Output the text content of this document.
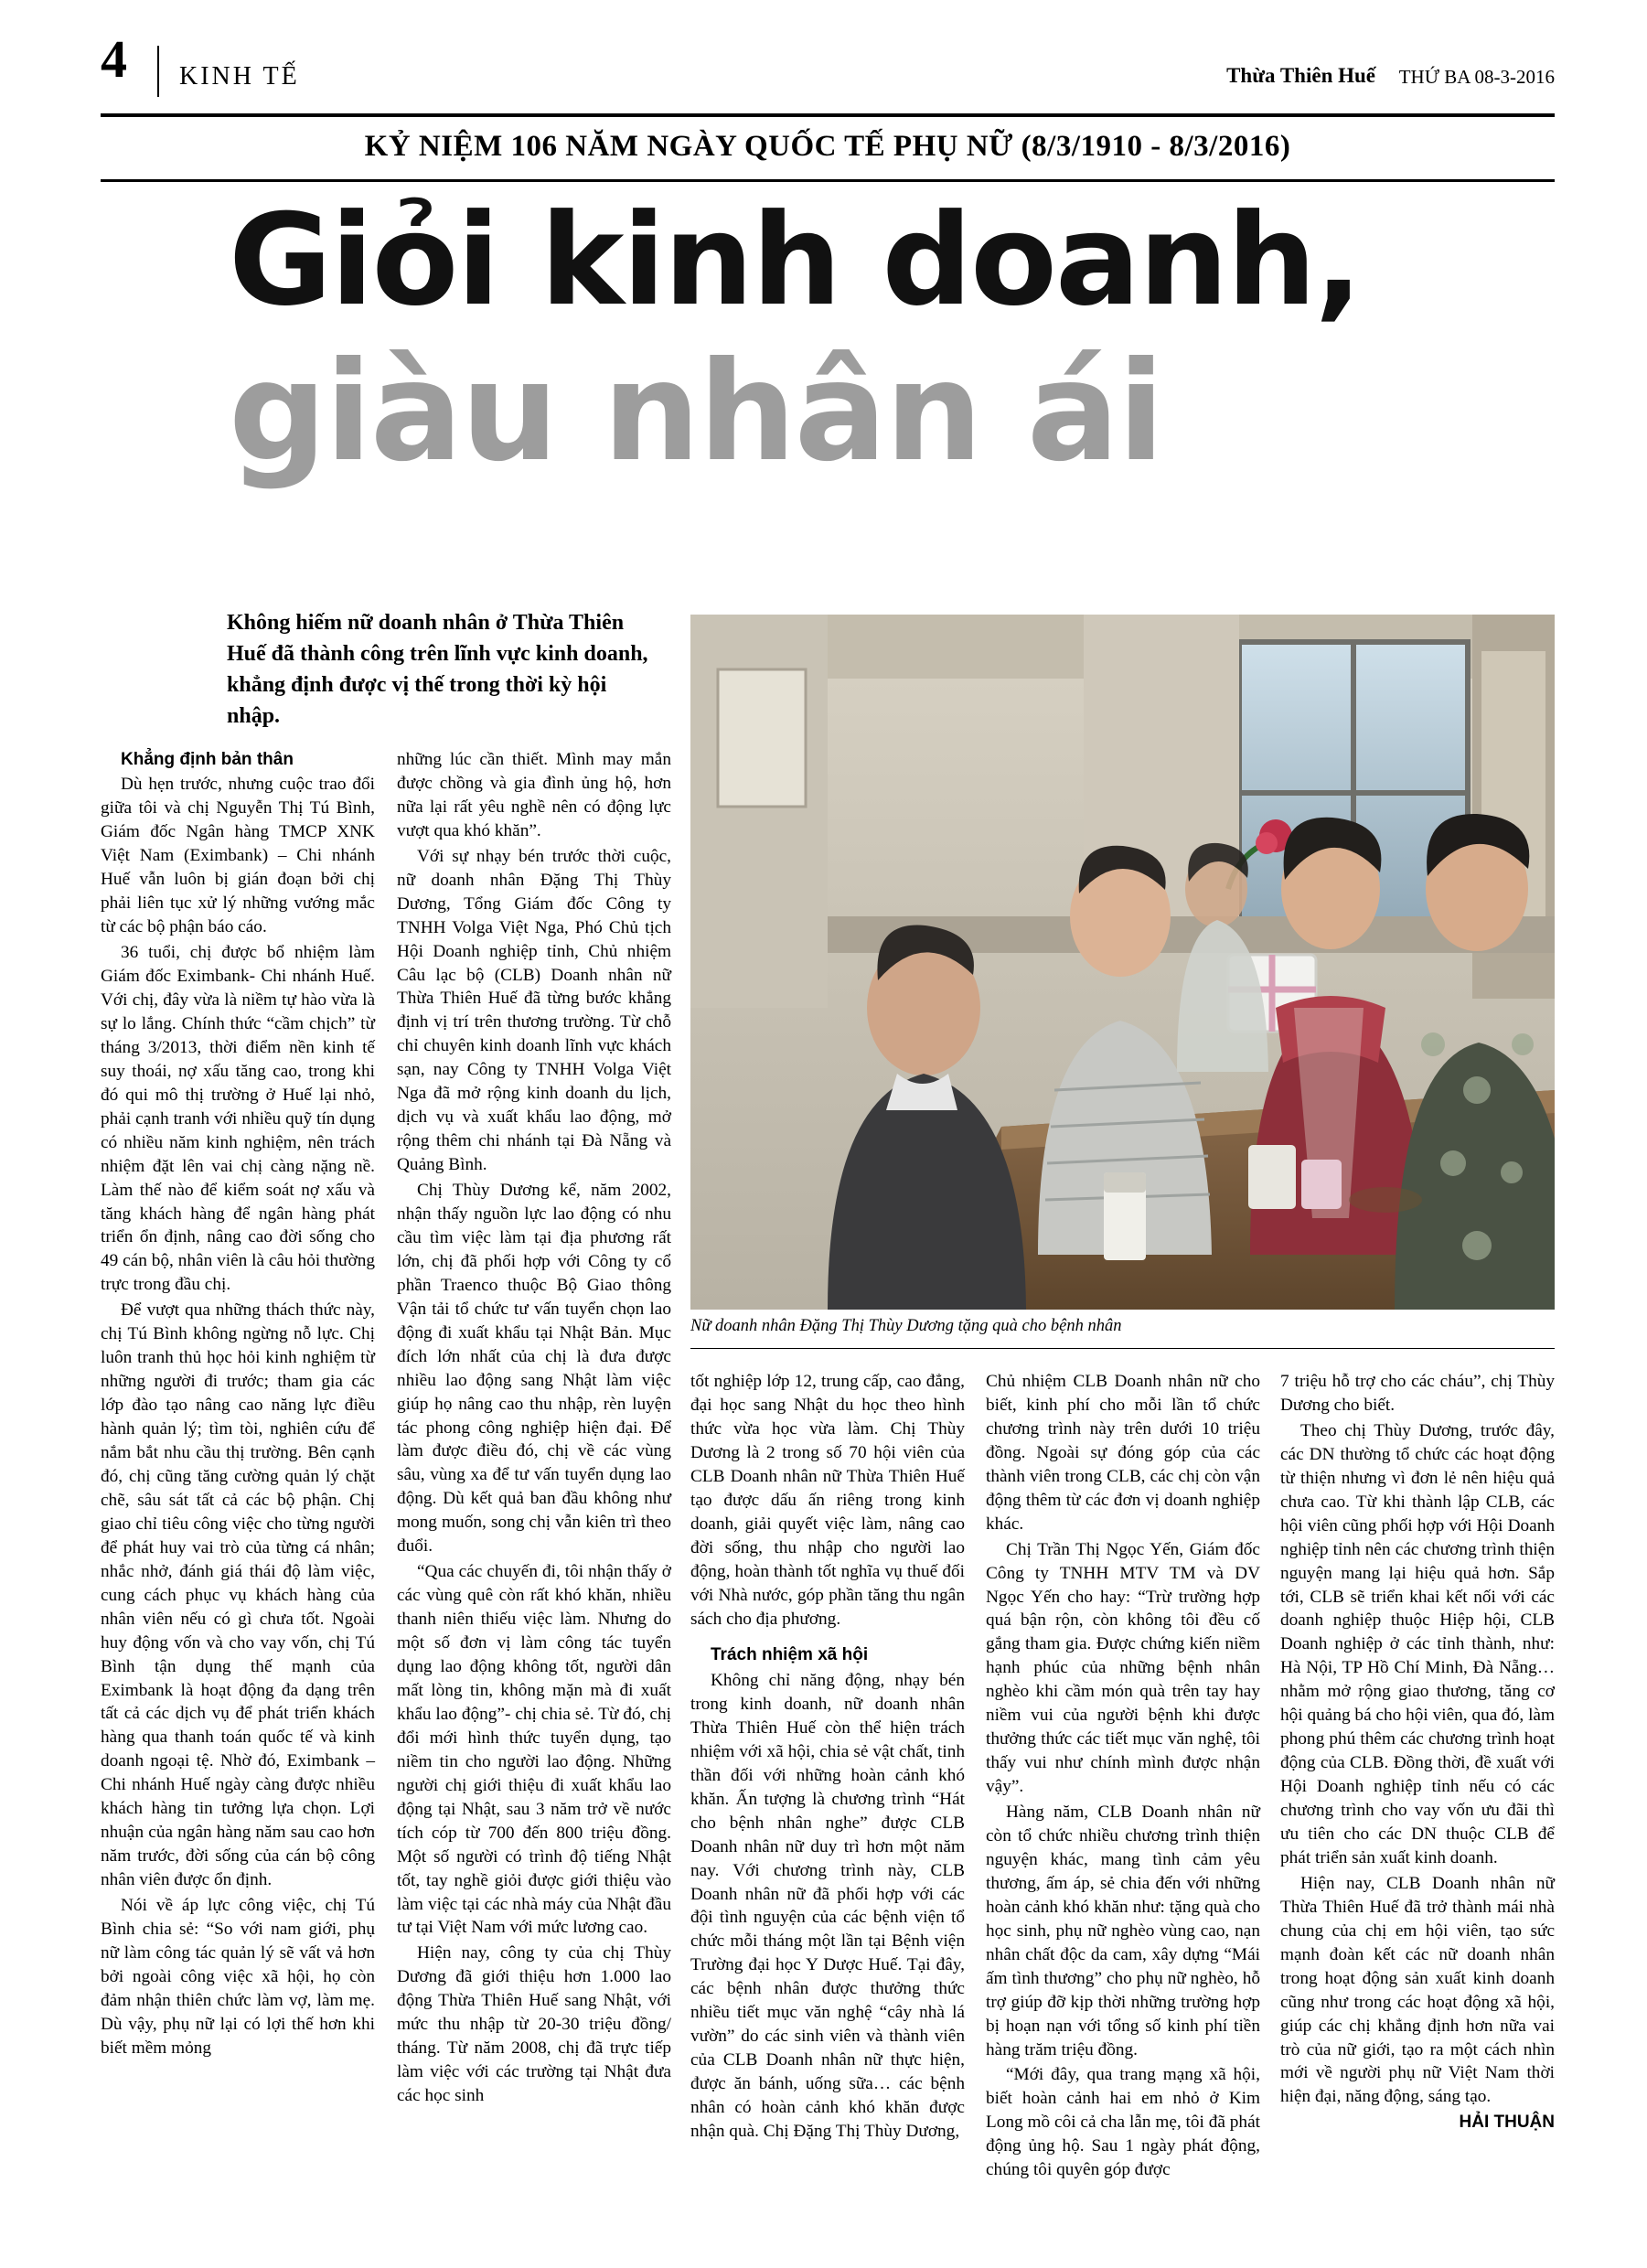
4 KINH TẾ	Thừa Thiên Huế THỨ BA 08-3-2016
KỶ NIỆM 106 NĂM NGÀY QUỐC TẾ PHỤ NỮ (8/3/1910 - 8/3/2016)
Giỏi kinh doanh,
giàu nhân ái
Không hiếm nữ doanh nhân ở Thừa Thiên Huế đã thành công trên lĩnh vực kinh doanh, khẳng định được vị thế trong thời kỳ hội nhập.
Nữ doanh nhân Đặng Thị Thùy Dương tặng quà cho bệnh nhân

Khẳng định bản thân

Dù hẹn trước, nhưng cuộc trao đổi giữa tôi và chị Nguyễn Thị Tú Bình, Giám đốc Ngân hàng TMCP XNK Việt Nam (Eximbank) – Chi nhánh Huế vẫn luôn bị gián đoạn bởi chị phải liên tục xử lý những vướng mắc từ các bộ phận báo cáo.

36 tuổi, chị được bổ nhiệm làm Giám đốc Eximbank- Chi nhánh Huế. Với chị, đây vừa là niềm tự hào vừa là sự lo lắng. Chính thức “cầm chịch” từ tháng 3/2013, thời điểm nền kinh tế suy thoái, nợ xấu tăng cao, trong khi đó qui mô thị trường ở Huế lại nhỏ, phải cạnh tranh với nhiều quỹ tín dụng có nhiều năm kinh nghiệm, nên trách nhiệm đặt lên vai chị càng nặng nề. Làm thế nào để kiểm soát nợ xấu và tăng khách hàng để ngân hàng phát triển ổn định, nâng cao đời sống cho 49 cán bộ, nhân viên là câu hỏi thường trực trong đầu chị.

Để vượt qua những thách thức này, chị Tú Bình không ngừng nỗ lực. Chị luôn tranh thủ học hỏi kinh nghiệm từ những người đi trước; tham gia các lớp đào tạo nâng cao năng lực điều hành quản lý; tìm tòi, nghiên cứu để nắm bắt nhu cầu thị trường. Bên cạnh đó, chị cũng tăng cường quản lý chặt chẽ, sâu sát tất cả các bộ phận. Chị giao chỉ tiêu công việc cho từng người để phát huy vai trò của từng cá nhân; nhắc nhở, đánh giá thái độ làm việc, cung cách phục vụ khách hàng của nhân viên nếu có gì chưa tốt. Ngoài huy động vốn và cho vay vốn, chị Tú Bình tận dụng thế mạnh của Eximbank là hoạt động đa dạng trên tất cả các dịch vụ để phát triển khách hàng qua thanh toán quốc tế và kinh doanh ngoại tệ. Nhờ đó, Eximbank – Chi nhánh Huế ngày càng được nhiều khách hàng tin tưởng lựa chọn. Lợi nhuận của ngân hàng năm sau cao hơn năm trước, đời sống của cán bộ công nhân viên được ổn định.

Nói về áp lực công việc, chị Tú Bình chia sẻ: “So với nam giới, phụ nữ làm công tác quản lý sẽ vất vả hơn bởi ngoài công việc xã hội, họ còn đảm nhận thiên chức làm vợ, làm mẹ. Dù vậy, phụ nữ lại có lợi thế hơn khi biết mềm mỏng

những lúc cần thiết. Mình may mắn được chồng và gia đình ủng hộ, hơn nữa lại rất yêu nghề nên có động lực vượt qua khó khăn”.

Với sự nhạy bén trước thời cuộc, nữ doanh nhân Đặng Thị Thùy Dương, Tổng Giám đốc Công ty TNHH Volga Việt Nga, Phó Chủ tịch Hội Doanh nghiệp tỉnh, Chủ nhiệm Câu lạc bộ (CLB) Doanh nhân nữ Thừa Thiên Huế đã từng bước khẳng định vị trí trên thương trường. Từ chỗ chỉ chuyên kinh doanh lĩnh vực khách sạn, nay Công ty TNHH Volga Việt Nga đã mở rộng kinh doanh du lịch, dịch vụ và xuất khẩu lao động, mở rộng thêm chi nhánh tại Đà Nẵng và Quảng Bình.

Chị Thùy Dương kể, năm 2002, nhận thấy nguồn lực lao động có nhu cầu tìm việc làm tại địa phương rất lớn, chị đã phối hợp với Công ty cổ phần Traenco thuộc Bộ Giao thông Vận tải tổ chức tư vấn tuyển chọn lao động đi xuất khẩu tại Nhật Bản. Mục đích lớn nhất của chị là đưa được nhiều lao động sang Nhật làm việc giúp họ nâng cao thu nhập, rèn luyện tác phong công nghiệp hiện đại. Để làm được điều đó, chị về các vùng sâu, vùng xa để tư vấn tuyển dụng lao động. Dù kết quả ban đầu không như mong muốn, song chị vẫn kiên trì theo đuổi.

“Qua các chuyến đi, tôi nhận thấy ở các vùng quê còn rất khó khăn, nhiều thanh niên thiếu việc làm. Nhưng do một số đơn vị làm công tác tuyển dụng lao động không tốt, người dân mất lòng tin, không mặn mà đi xuất khẩu lao động”- chị chia sẻ. Từ đó, chị đổi mới hình thức tuyển dụng, tạo niềm tin cho người lao động. Những người chị giới thiệu đi xuất khẩu lao động tại Nhật, sau 3 năm trở về nước tích cóp từ 700 đến 800 triệu đồng. Một số người có trình độ tiếng Nhật tốt, tay nghề giỏi được giới thiệu vào làm việc tại các nhà máy của Nhật đầu tư tại Việt Nam với mức lương cao.

Hiện nay, công ty của chị Thùy Dương đã giới thiệu hơn 1.000 lao động Thừa Thiên Huế sang Nhật, với mức thu nhập từ 20-30 triệu đồng/ tháng. Từ năm 2008, chị đã trực tiếp làm việc với các trường tại Nhật đưa các học sinh

tốt nghiệp lớp 12, trung cấp, cao đẳng, đại học sang Nhật du học theo hình thức vừa học vừa làm. Chị Thùy Dương là 2 trong số 70 hội viên của CLB Doanh nhân nữ Thừa Thiên Huế tạo được dấu ấn riêng trong kinh doanh, giải quyết việc làm, nâng cao đời sống, thu nhập cho người lao động, hoàn thành tốt nghĩa vụ thuế đối với Nhà nước, góp phần tăng thu ngân sách cho địa phương.

Trách nhiệm xã hội

Không chỉ năng động, nhạy bén trong kinh doanh, nữ doanh nhân Thừa Thiên Huế còn thể hiện trách nhiệm với xã hội, chia sẻ vật chất, tinh thần đối với những hoàn cảnh khó khăn. Ấn tượng là chương trình “Hát cho bệnh nhân nghe” được CLB Doanh nhân nữ duy trì hơn một năm nay. Với chương trình này, CLB Doanh nhân nữ đã phối hợp với các đội tình nguyện của các bệnh viện tổ chức mỗi tháng một lần tại Bệnh viện Trường đại học Y Dược Huế. Tại đây, các bệnh nhân được thưởng thức nhiều tiết mục văn nghệ “cây nhà lá vườn” do các sinh viên và thành viên của CLB Doanh nhân nữ thực hiện, được ăn bánh, uống sữa… các bệnh nhân có hoàn cảnh khó khăn được nhận quà. Chị Đặng Thị Thùy Dương,

Chủ nhiệm CLB Doanh nhân nữ cho biết, kinh phí cho mỗi lần tổ chức chương trình này trên dưới 10 triệu đồng. Ngoài sự đóng góp của các thành viên trong CLB, các chị còn vận động thêm từ các đơn vị doanh nghiệp khác.

Chị Trần Thị Ngọc Yến, Giám đốc Công ty TNHH MTV TM và DV Ngọc Yến cho hay: “Trừ trường hợp quá bận rộn, còn không tôi đều cố gắng tham gia. Được chứng kiến niềm hạnh phúc của những bệnh nhân nghèo khi cầm món quà trên tay hay niềm vui của người bệnh khi được thưởng thức các tiết mục văn nghệ, tôi thấy vui như chính mình được nhận vậy”.

Hàng năm, CLB Doanh nhân nữ còn tổ chức nhiều chương trình thiện nguyện khác, mang tình cảm yêu thương, ấm áp, sẻ chia đến với những hoàn cảnh khó khăn như: tặng quà cho học sinh, phụ nữ nghèo vùng cao, nạn nhân chất độc da cam, xây dựng “Mái ấm tình thương” cho phụ nữ nghèo, hỗ trợ giúp đỡ kịp thời những trường hợp bị hoạn nạn với tổng số kinh phí tiền hàng trăm triệu đồng.

“Mới đây, qua trang mạng xã hội, biết hoàn cảnh hai em nhỏ ở Kim Long mồ côi cả cha lẫn mẹ, tôi đã phát động ủng hộ. Sau 1 ngày phát động, chúng tôi quyên góp được

7 triệu hỗ trợ cho các cháu”, chị Thùy Dương cho biết.

Theo chị Thùy Dương, trước đây, các DN thường tổ chức các hoạt động từ thiện nhưng vì đơn lẻ nên hiệu quả chưa cao. Từ khi thành lập CLB, các hội viên cũng phối hợp với Hội Doanh nghiệp tỉnh nên các chương trình thiện nguyện mang lại hiệu quả hơn. Sắp tới, CLB sẽ triển khai kết nối với các doanh nghiệp thuộc Hiệp hội, CLB Doanh nghiệp ở các tỉnh thành, như: Hà Nội, TP Hồ Chí Minh, Đà Nẵng… nhằm mở rộng giao thương, tăng cơ hội quảng bá cho hội viên, qua đó, làm phong phú thêm các chương trình hoạt động của CLB. Đồng thời, đề xuất với Hội Doanh nghiệp tỉnh nếu có các chương trình cho vay vốn ưu đãi thì ưu tiên cho các DN thuộc CLB để phát triển sản xuất kinh doanh.

Hiện nay, CLB Doanh nhân nữ Thừa Thiên Huế đã trở thành mái nhà chung của chị em hội viên, tạo sức mạnh đoàn kết các nữ doanh nhân trong hoạt động sản xuất kinh doanh cũng như trong các hoạt động xã hội, giúp các chị khẳng định hơn nữa vai trò của nữ giới, tạo ra một cách nhìn mới về người phụ nữ Việt Nam thời hiện đại, năng động, sáng tạo.

HẢI THUẬN
